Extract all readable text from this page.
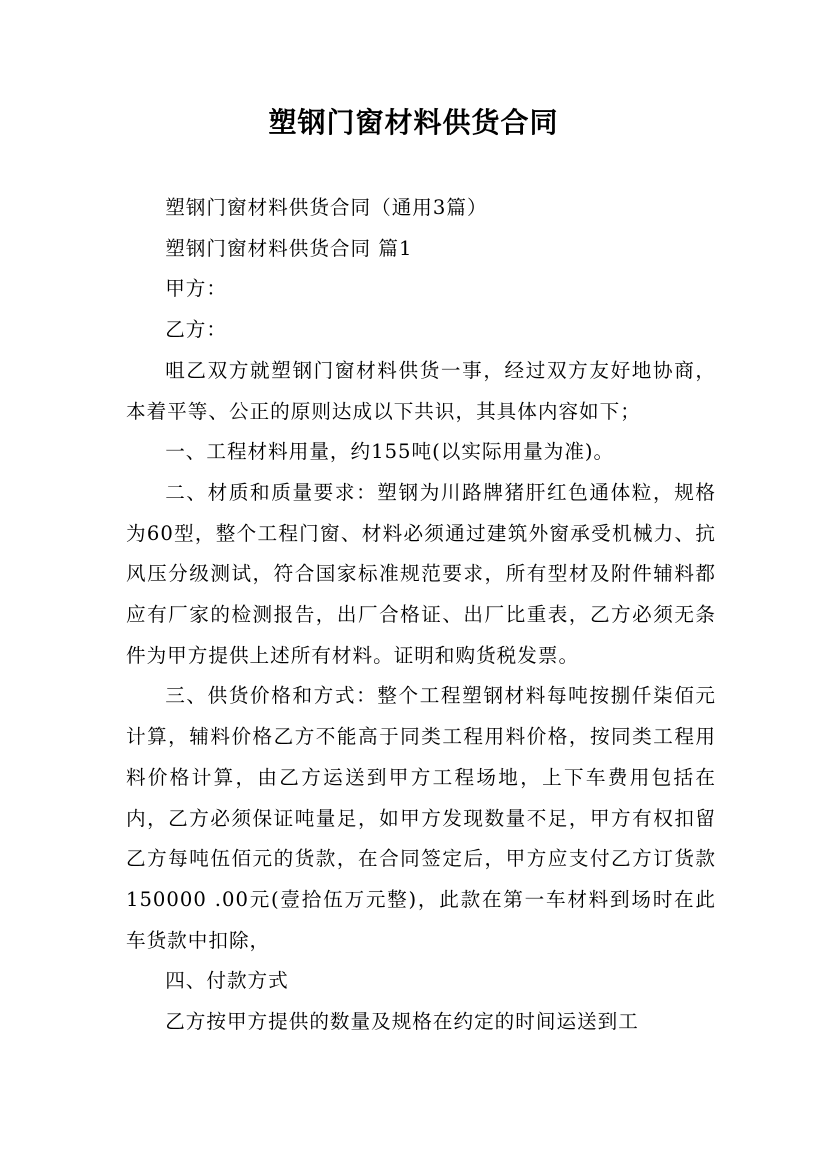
塑钢门窗材料供货合同

塑钢门窗材料供货合同（通用3篇）

塑钢门窗材料供货合同 篇1

甲方：

乙方：

咀乙双方就塑钢门窗材料供货一事，经过双方友好地协商，本着平等、公正的原则达成以下共识，其具体内容如下；

一、工程材料用量，约155吨(以实际用量为准)。

二、材质和质量要求：塑钢为川路牌猪肝红色通体粒，规格为60型，整个工程门窗、材料必须通过建筑外窗承受机械力、抗风压分级测试，符合国家标准规范要求，所有型材及附件辅料都应有厂家的检测报告，出厂合格证、出厂比重表，乙方必须无条件为甲方提供上述所有材料。证明和购货税发票。

三、供货价格和方式：整个工程塑钢材料每吨按捌仟柒佰元计算，辅料价格乙方不能高于同类工程用料价格，按同类工程用料价格计算，由乙方运送到甲方工程场地，上下车费用包括在内，乙方必须保证吨量足，如甲方发现数量不足，甲方有权扣留乙方每吨伍佰元的货款，在合同签定后，甲方应支付乙方订货款150000 .00元(壹拾伍万元整)，此款在第一车材料到场时在此车货款中扣除，

四、付款方式

乙方按甲方提供的数量及规格在约定的时间运送到工
